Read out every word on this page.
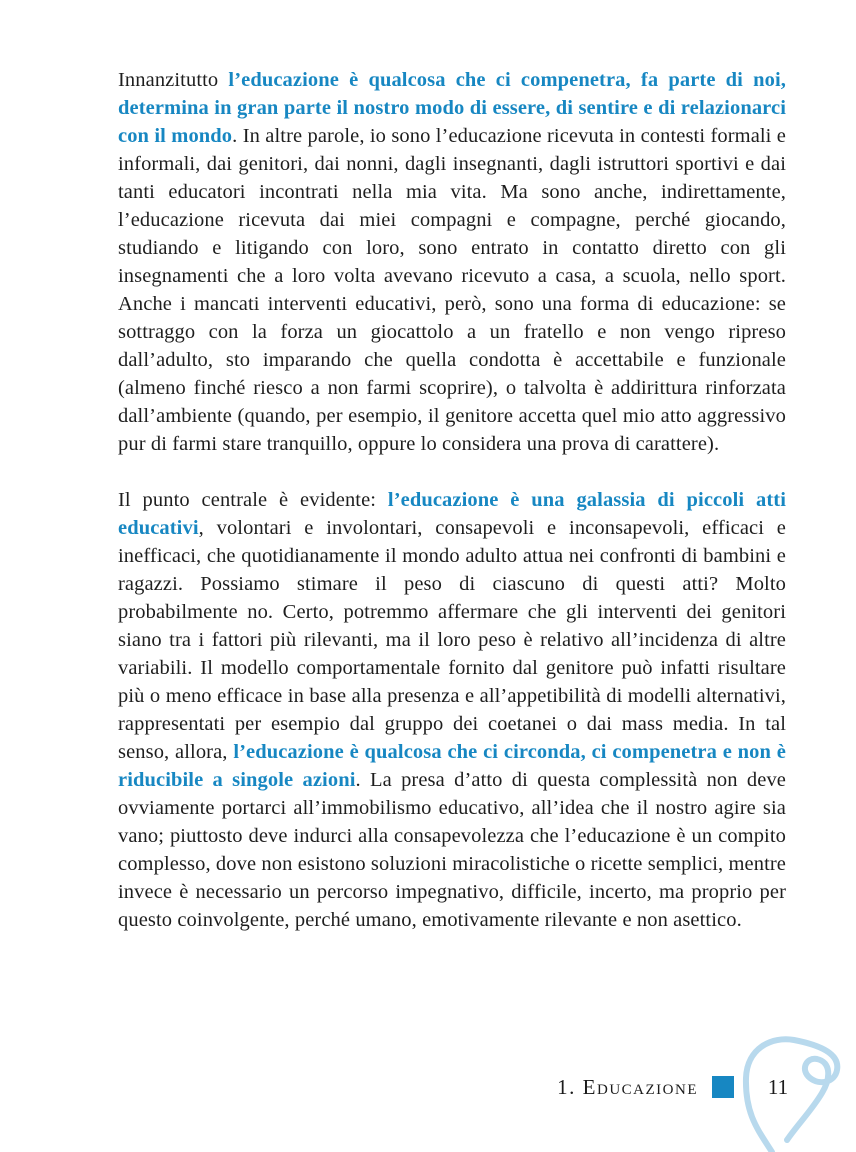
Innanzitutto l’educazione è qualcosa che ci compenetra, fa parte di noi, determina in gran parte il nostro modo di essere, di sentire e di relazionarci con il mondo. In altre parole, io sono l’educazione ricevuta in contesti formali e informali, dai genitori, dai nonni, dagli insegnanti, dagli istruttori sportivi e dai tanti educatori incontrati nella mia vita. Ma sono anche, indirettamente, l’educazione ricevuta dai miei compagni e compagne, perché giocando, studiando e litigando con loro, sono entrato in contatto diretto con gli insegnamenti che a loro volta avevano ricevuto a casa, a scuola, nello sport. Anche i mancati interventi educativi, però, sono una forma di educazione: se sottraggo con la forza un giocattolo a un fratello e non vengo ripreso dall’adulto, sto imparando che quella condotta è accettabile e funzionale (almeno finché riesco a non farmi scoprire), o talvolta è addirittura rinforzata dall’ambiente (quando, per esempio, il genitore accetta quel mio atto aggressivo pur di farmi stare tranquillo, oppure lo considera una prova di carattere).

Il punto centrale è evidente: l’educazione è una galassia di piccoli atti educativi, volontari e involontari, consapevoli e inconsapevoli, efficaci e inefficaci, che quotidianamente il mondo adulto attua nei confronti di bambini e ragazzi. Possiamo stimare il peso di ciascuno di questi atti? Molto probabilmente no. Certo, potremmo affermare che gli interventi dei genitori siano tra i fattori più rilevanti, ma il loro peso è relativo all’incidenza di altre variabili. Il modello comportamentale fornito dal genitore può infatti risultare più o meno efficace in base alla presenza e all’appetibilità di modelli alternativi, rappresentati per esempio dal gruppo dei coetanei o dai mass media. In tal senso, allora, l’educazione è qualcosa che ci circonda, ci compenetra e non è riducibile a singole azioni. La presa d’atto di questa complessità non deve ovviamente portarci all’immobilismo educativo, all’idea che il nostro agire sia vano; piuttosto deve indurci alla consapevolezza che l’educazione è un compito complesso, dove non esistono soluzioni miracolistiche o ricette semplici, mentre invece è necessario un percorso impegnativo, difficile, incerto, ma proprio per questo coinvolgente, perché umano, emotivamente rilevante e non asettico.

1. Educazione	11
